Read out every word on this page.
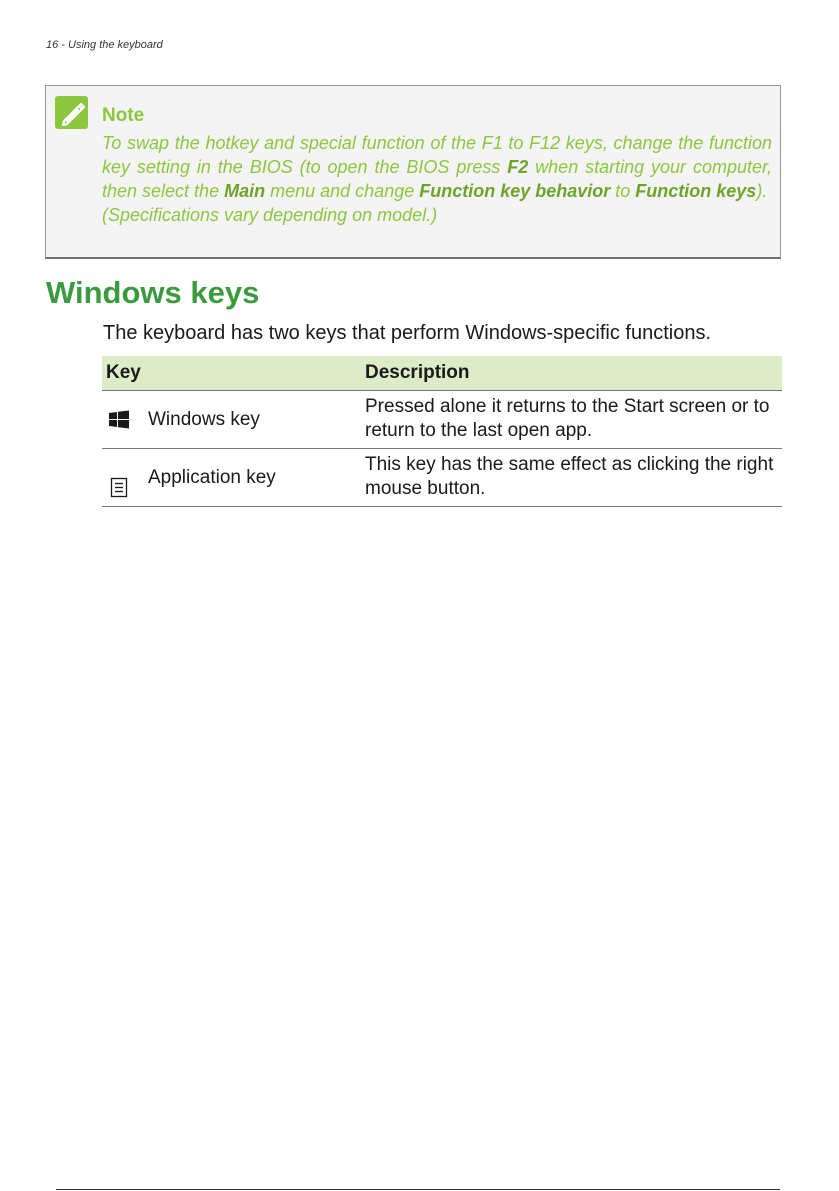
16 - Using the keyboard
Note

To swap the hotkey and special function of the F1 to F12 keys, change the function key setting in the BIOS (to open the BIOS press F2 when starting your computer, then select the Main menu and change Function key behavior to Function keys).

(Specifications vary depending on model.)

Windows keys

The keyboard has two keys that perform Windows-specific functions.

Key	Description

Windows key	Pressed alone it returns to the Start screen or to return to the last open app.

Application key	This key has the same effect as clicking the right mouse button.
